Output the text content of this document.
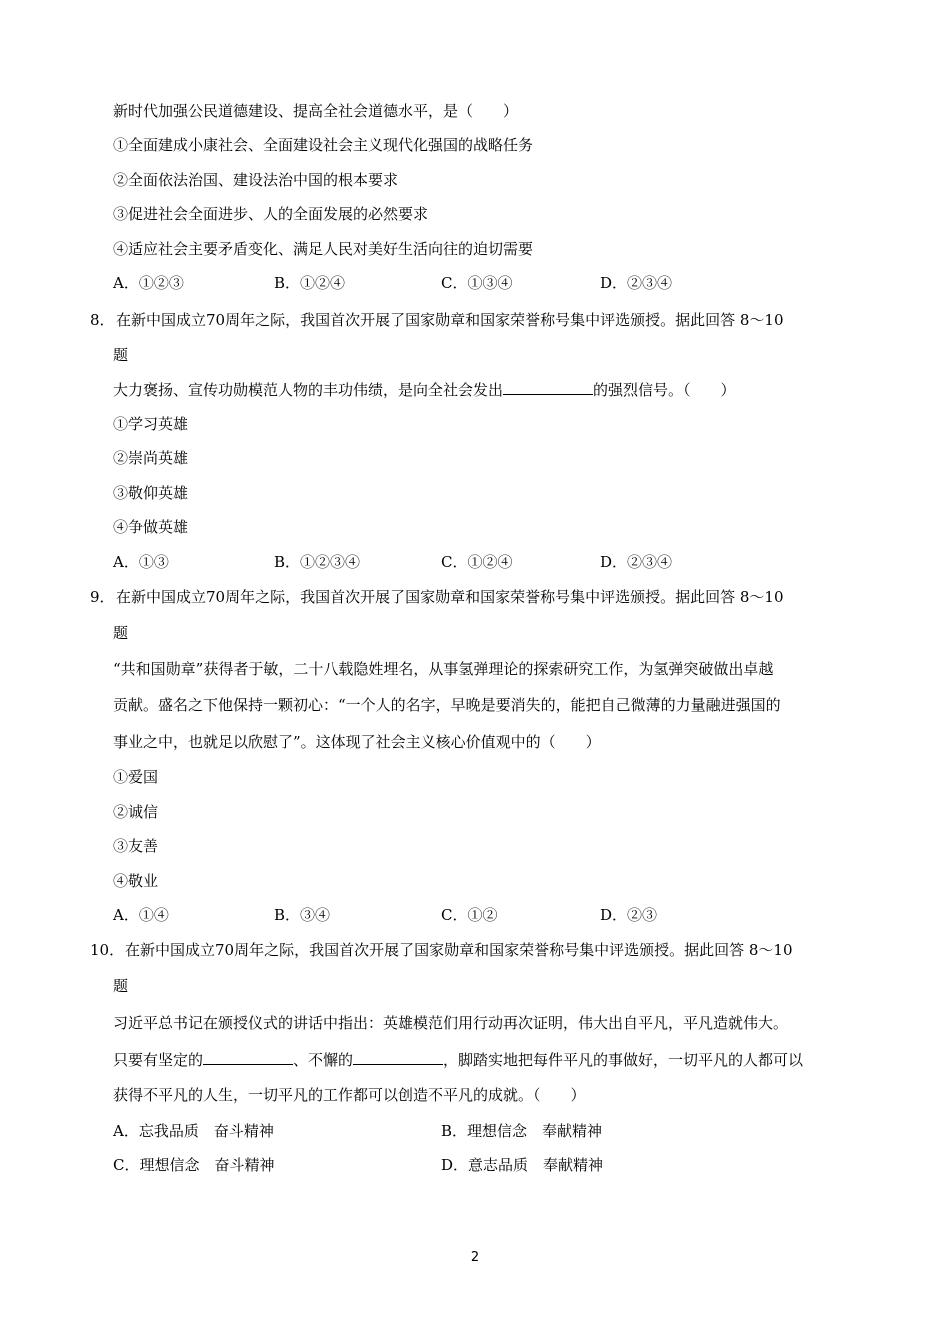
新时代加强公民道德建设、提高全社会道德水平，是（　　）
①全面建成小康社会、全面建设社会主义现代化强国的战略任务
②全面依法治国、建设法治中国的根本要求
③促进社会全面进步、人的全面发展的必然要求
④适应社会主要矛盾变化、满足人民对美好生活向往的迫切需要
A．①②③	B．①②④	C．①③④	D．②③④
8． 在新中国成立70周年之际，我国首次开展了国家勋章和国家荣誉称号集中评选颁授。据此回答 8～10
题
大力褒扬、宣传功勋模范人物的丰功伟绩，是向全社会发出	的强烈信号。（　　）
①学习英雄
②崇尚英雄
③敬仰英雄
④争做英雄
A．①③	B．①②③④	C．①②④	D．②③④
9． 在新中国成立70周年之际，我国首次开展了国家勋章和国家荣誉称号集中评选颁授。据此回答 8～10
题
“共和国勋章”获得者于敏，二十八载隐姓埋名，从事氢弹理论的探索研究工作，为氢弹突破做出卓越
贡献。盛名之下他保持一颗初心：“一个人的名字，早晚是要消失的，能把自己微薄的力量融进强国的
事业之中，也就足以欣慰了”。这体现了社会主义核心价值观中的（　　）
①爱国
②诚信
③友善
④敬业
A．①④	B．③④	C．①②	D．②③
10． 在新中国成立70周年之际，我国首次开展了国家勋章和国家荣誉称号集中评选颁授。据此回答 8～10
题
习近平总书记在颁授仪式的讲话中指出：英雄模范们用行动再次证明，伟大出自平凡，平凡造就伟大。
只要有坚定的	、不懈的	，脚踏实地把每件平凡的事做好，一切平凡的人都可以
获得不平凡的人生，一切平凡的工作都可以创造不平凡的成就。（　　）
A．忘我品质　奋斗精神	B．理想信念　奉献精神
C．理想信念　奋斗精神	D．意志品质　奉献精神
2
